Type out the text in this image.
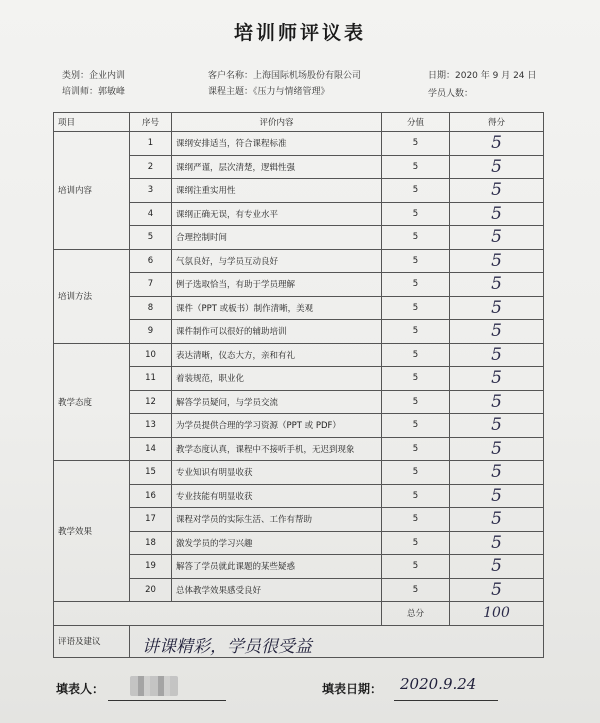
培训师评议表
类别：企业内训
培训师：郭敏峰
客户名称：上海国际机场股份有限公司
课程主题：《压力与情绪管理》
日期：2020 年 9 月 24 日
学员人数：
项目	序号	评价内容	分值	得分
培训内容	1	课纲安排适当，符合课程标准	5	5
	2	课纲严谨，层次清楚，逻辑性强	5	5
	3	课纲注重实用性	5	5
	4	课纲正确无误，有专业水平	5	5
	5	合理控制时间	5	5
培训方法	6	气氛良好，与学员互动良好	5	5
	7	例子选取恰当，有助于学员理解	5	5
	8	课件（PPT 或板书）制作清晰，美观	5	5
	9	课件制作可以很好的辅助培训	5	5
教学态度	10	表达清晰，仪态大方，亲和有礼	5	5
	11	着装规范，职业化	5	5
	12	解答学员疑问，与学员交流	5	5
	13	为学员提供合理的学习资源（PPT 或 PDF）	5	5
	14	教学态度认真，课程中不接听手机，无迟到现象	5	5
教学效果	15	专业知识有明显收获	5	5
	16	专业技能有明显收获	5	5
	17	课程对学员的实际生活、工作有帮助	5	5
	18	激发学员的学习兴趣	5	5
	19	解答了学员就此课题的某些疑惑	5	5
	20	总体教学效果感受良好	5	5
			总分	100
评语及建议	讲课精彩，学员很受益			
填表人：	填表日期： 2020.9.24
